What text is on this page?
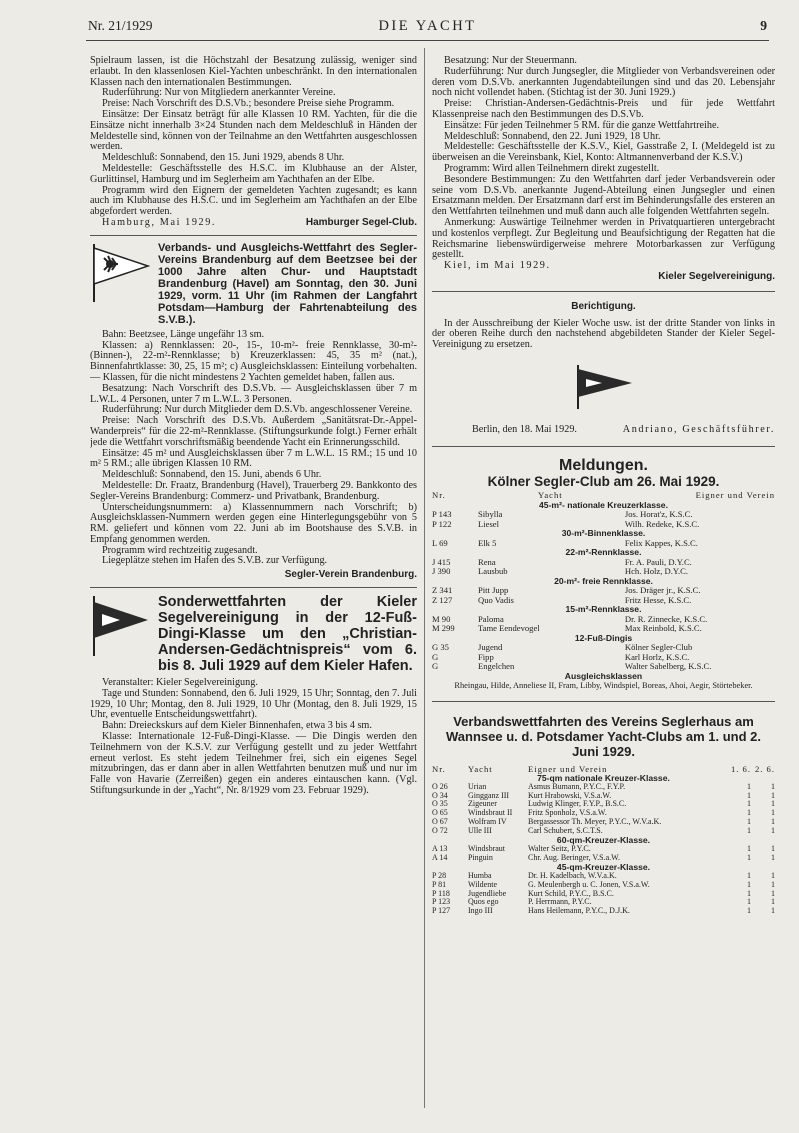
Nr. 21/1929	DIE YACHT	9

Spielraum lassen, ist die Höchstzahl der Besatzung zulässig, weniger sind erlaubt. In den klassenlosen Kiel-Yachten unbeschränkt. In den internationalen Klassen nach den internationalen Bestimmungen.

Ruderführung: Nur von Mitgliedern anerkannter Vereine.

Preise: Nach Vorschrift des D.S.Vb.; besondere Preise siehe Programm.

Einsätze: Der Einsatz beträgt für alle Klassen 10 RM. Yachten, für die die Einsätze nicht innerhalb 3×24 Stunden nach dem Meldeschluß in Händen der Meldestelle sind, können von der Teilnahme an den Wettfahrten ausgeschlossen werden.

Meldeschluß: Sonnabend, den 15. Juni 1929, abends 8 Uhr.

Meldestelle: Geschäftsstelle des H.S.C. im Klubhause an der Alster, Gurlittinsel, Hamburg und im Seglerheim am Yachthafen an der Elbe.

Programm wird den Eignern der gemeldeten Yachten zugesandt; es kann auch im Klubhause des H.S.C. und im Seglerheim am Yachthafen an der Elbe abgefordert werden.

Hamburg, Mai 1929.	Hamburger Segel-Club.
Verbands- und Ausgleichs-Wettfahrt des Segler-Vereins Brandenburg auf dem Beetzsee bei der 1000 Jahre alten Chur- und Hauptstadt Brandenburg (Havel) am Sonntag, den 30. Juni 1929, vorm. 11 Uhr (im Rahmen der Langfahrt Potsdam—Hamburg der Fahrtenabteilung des S.V.B.).

Bahn: Beetzsee, Länge ungefähr 13 sm.

Klassen: a) Rennklassen: 20-, 15-, 10-m²- freie Rennklasse, 30-m²- (Binnen-), 22-m²-Rennklasse; b) Kreuzerklassen: 45, 35 m² (nat.), Binnenfahrtklasse: 30, 25, 15 m²; c) Ausgleichsklassen: Einteilung vorbehalten. — Klassen, für die nicht mindestens 2 Yachten gemeldet haben, fallen aus.

Besatzung: Nach Vorschrift des D.S.Vb. — Ausgleichsklassen über 7 m L.W.L. 4 Personen, unter 7 m L.W.L. 3 Personen.

Ruderführung: Nur durch Mitglieder dem D.S.Vb. angeschlossener Vereine.

Preise: Nach Vorschrift des D.S.Vb. Außerdem „Sanitätsrat-Dr.-Appel-Wanderpreis“ für die 22-m²-Rennklasse. (Stiftungsurkunde folgt.) Ferner erhält jede die Wettfahrt vorschriftsmäßig beendende Yacht ein Erinnerungsschild.

Einsätze: 45 m² und Ausgleichsklassen über 7 m L.W.L. 15 RM.; 15 und 10 m² 5 RM.; alle übrigen Klassen 10 RM.

Meldeschluß: Sonnabend, den 15. Juni, abends 6 Uhr.

Meldestelle: Dr. Fraatz, Brandenburg (Havel), Trauerberg 29. Bankkonto des Segler-Vereins Brandenburg: Commerz- und Privatbank, Brandenburg.

Unterscheidungsnummern: a) Klassennummern nach Vorschrift; b) Ausgleichsklassen-Nummern werden gegen eine Hinterlegungsgebühr von 5 RM. geliefert und können vom 22. Juni ab im Bootshause des S.V.B. in Empfang genommen werden.

Programm wird rechtzeitig zugesandt.

Liegeplätze stehen im Hafen des S.V.B. zur Verfügung.

Segler-Verein Brandenburg.
Sonderwettfahrten der Kieler Segelvereinigung in der 12-Fuß-Dingi-Klasse um den „Christian-Andersen-Gedächtnispreis“ vom 6. bis 8. Juli 1929 auf dem Kieler Hafen.

Veranstalter: Kieler Segelvereinigung.

Tage und Stunden: Sonnabend, den 6. Juli 1929, 15 Uhr; Sonntag, den 7. Juli 1929, 10 Uhr; Montag, den 8. Juli 1929, 10 Uhr (Montag, den 8. Juli 1929, 15 Uhr, eventuelle Entscheidungswettfahrt).

Bahn: Dreieckskurs auf dem Kieler Binnenhafen, etwa 3 bis 4 sm.

Klasse: Internationale 12-Fuß-Dingi-Klasse. — Die Dingis werden den Teilnehmern von der K.S.V. zur Verfügung gestellt und zu jeder Wettfahrt erneut verlost. Es steht jedem Teilnehmer frei, sich ein eigenes Segel mitzubringen, das er dann aber in allen Wettfahrten benutzen muß und nur im Falle von Havarie (Zerreißen) gegen ein anderes eintauschen kann. (Vgl. Stiftungsurkunde in der „Yacht“, Nr. 8/1929 vom 23. Februar 1929).

Besatzung: Nur der Steuermann.

Ruderführung: Nur durch Jungsegler, die Mitglieder von Verbandsvereinen oder deren vom D.S.Vb. anerkannten Jugendabteilungen sind und das 20. Lebensjahr noch nicht vollendet haben. (Stichtag ist der 30. Juni 1929.)

Preise: Christian-Andersen-Gedächtnis-Preis und für jede Wettfahrt Klassenpreise nach den Bestimmungen des D.S.Vb.

Einsätze: Für jeden Teilnehmer 5 RM. für die ganze Wettfahrtreihe.

Meldeschluß: Sonnabend, den 22. Juni 1929, 18 Uhr.

Meldestelle: Geschäftsstelle der K.S.V., Kiel, Gasstraße 2, I. (Meldegeld ist zu überweisen an die Vereinsbank, Kiel, Konto: Altmannenverband der K.S.V.)

Programm: Wird allen Teilnehmern direkt zugestellt.

Besondere Bestimmungen: Zu den Wettfahrten darf jeder Verbandsverein oder seine vom D.S.Vb. anerkannte Jugend-Abteilung einen Jungsegler und einen Ersatzmann melden. Der Ersatzmann darf erst im Behinderungsfalle des ersteren an den Wettfahrten teilnehmen und muß dann auch alle folgenden Wettfahrten segeln.

Anmerkung: Auswärtige Teilnehmer werden in Privatquartieren untergebracht und kostenlos verpflegt. Zur Begleitung und Beaufsichtigung der Regatten hat die Reichsmarine liebenswürdigerweise mehrere Motorbarkassen zur Verfügung gestellt.

Kiel, im Mai 1929.

Kieler Segelvereinigung.
Berichtigung.

In der Ausschreibung der Kieler Woche usw. ist der dritte Stander von links in der oberen Reihe durch den nachstehend abgebildeten Stander der Kieler Segel-Vereinigung zu ersetzen.

Berlin, den 18. Mai 1929.	Andriano, Geschäftsführer.
Meldungen.
Kölner Segler-Club am 26. Mai 1929.
Nr.	Yacht	Eigner und Verein
45-m²- nationale Kreuzerklasse.		
P 143	Sibylla	Jos. Horat'z, K.S.C.
P 122	Liesel	Wilh. Redeke, K.S.C.
30-m²-Binnenklasse.		
L 69	Elk 5	Felix Kappes, K.S.C.
22-m²-Rennklasse.		
J 415	Rena	Fr. A. Pauli, D.Y.C.
J 390	Lausbub	Hch. Holz, D.Y.C.
20-m²- freie Rennklasse.		
Z 341	Pitt Jupp	Jos. Dräger jr., K.S.C.
Z 127	Quo Vadis	Fritz Hesse, K.S.C.
15-m²-Rennklasse.		
M 90	Paloma	Dr. R. Zinnecke, K.S.C.
M 299	Tame Eendevogel	Max Reinbold, K.S.C.
12-Fuß-Dingis		
G 35	Jugend	Kölner Segler-Club
G	Fipp	Karl Horlz, K.S.C.
G	Engelchen	Walter Sabelberg, K.S.C.
Ausgleichsklassen		
Rheingau, Hilde, Anneliese II, Fram, Libby, Windspiel, Boreas, Ahoi, Aegir, Störtebeker.		
Verbandswettfahrten des Vereins Seglerhaus am Wannsee u. d. Potsdamer Yacht-Clubs am 1. und 2. Juni 1929.
Nr.	Yacht	Eigner und Verein	1. 6.	2. 6.
75-qm nationale Kreuzer-Klasse.				
O 26	Urian	Asmus Bumann, P.Y.C., F.Y.P.	1	1
O 34	Gingganz III	Kurt Hrabowski, V.S.a.W.	1	1
O 35	Zigeuner	Ludwig Klinger, F.Y.P., B.S.C.	1	1
O 65	Windsbraut II	Fritz Sponholz, V.S.a.W.	1	1
O 67	Wolfram IV	Bergassessor Th. Meyer, P.Y.C., W.V.a.K.	1	1
O 72	Ulle III	Carl Schubert, S.C.T.S.	1	1
60-qm-Kreuzer-Klasse.				
A 13	Windsbraut	Walter Seitz, P.Y.C.	1	1
A 14	Pinguin	Chr. Aug. Beringer, V.S.a.W.	1	1
45-qm-Kreuzer-Klasse.				
P 28	Humba	Dr. H. Kadelbach, W.V.a.K.	1	1
P 81	Wildente	G. Meulenbergh u. C. Jonen, V.S.a.W.	1	1
P 118	Jugendliebe	Kurt Schild, P.Y.C., B.S.C.	1	1
P 123	Quos ego	P. Herrmann, P.Y.C.	1	1
P 127	Ingo III	Hans Heilemann, P.Y.C., D.J.K.	1	1
